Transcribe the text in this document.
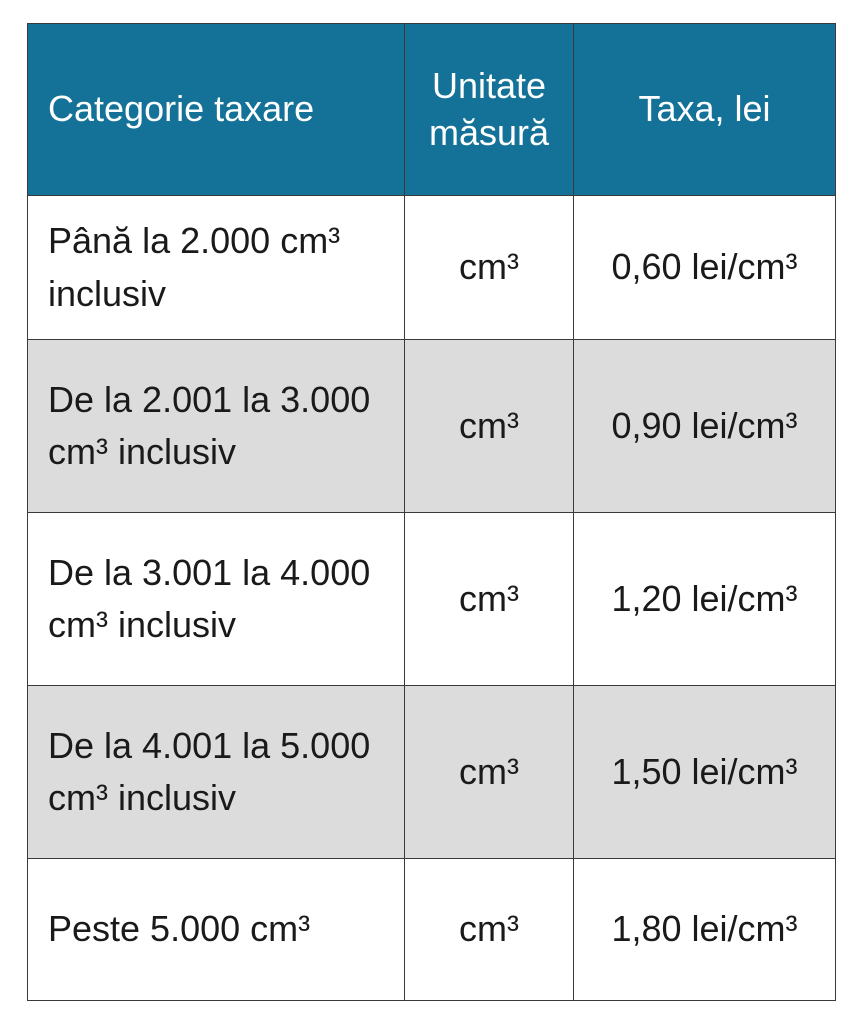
Categorie taxare	Unitate măsură	Taxa, lei
Până la 2.000 cm³ inclusiv	cm³	0,60 lei/cm³
De la 2.001 la 3.000 cm³ inclusiv	cm³	0,90 lei/cm³
De la 3.001 la 4.000 cm³ inclusiv	cm³	1,20 lei/cm³
De la 4.001 la 5.000 cm³ inclusiv	cm³	1,50 lei/cm³
Peste 5.000 cm³	cm³	1,80 lei/cm³
